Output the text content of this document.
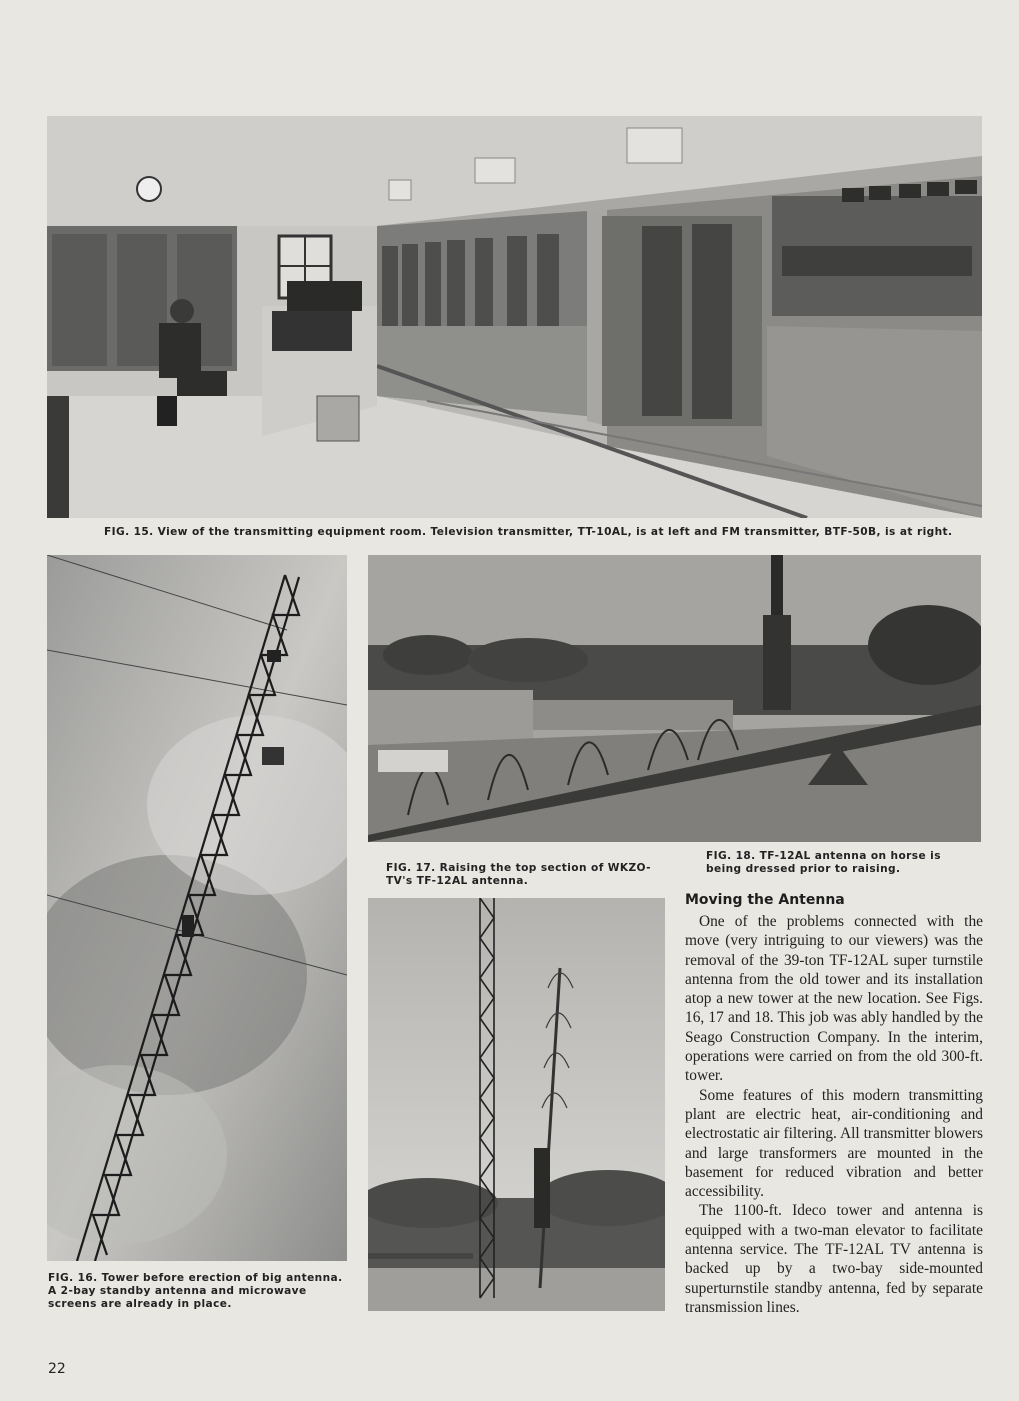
FIG. 15. View of the transmitting equipment room. Television transmitter, TT-10AL, is at left and FM transmitter, BTF-50B, is at right.
FIG. 16. Tower before erection of big antenna. A 2-bay standby antenna and microwave screens are already in place.
FIG. 17. Raising the top section of WKZO-TV's TF-12AL antenna.
FIG. 18. TF-12AL antenna on horse is being dressed prior to raising.
Moving the Antenna

One of the problems connected with the move (very intriguing to our viewers) was the removal of the 39-ton TF-12AL super turnstile antenna from the old tower and its installation atop a new tower at the new location. See Figs. 16, 17 and 18. This job was ably handled by the Seago Construction Company. In the interim, operations were carried on from the old 300-ft. tower.

Some features of this modern transmitting plant are electric heat, air-conditioning and electrostatic air filtering. All transmitter blowers and large transformers are mounted in the basement for reduced vibration and better accessibility.

The 1100-ft. Ideco tower and antenna is equipped with a two-man elevator to facilitate antenna service. The TF-12AL TV antenna is backed up by a two-bay side-mounted superturnstile standby antenna, fed by separate transmission lines.

22
